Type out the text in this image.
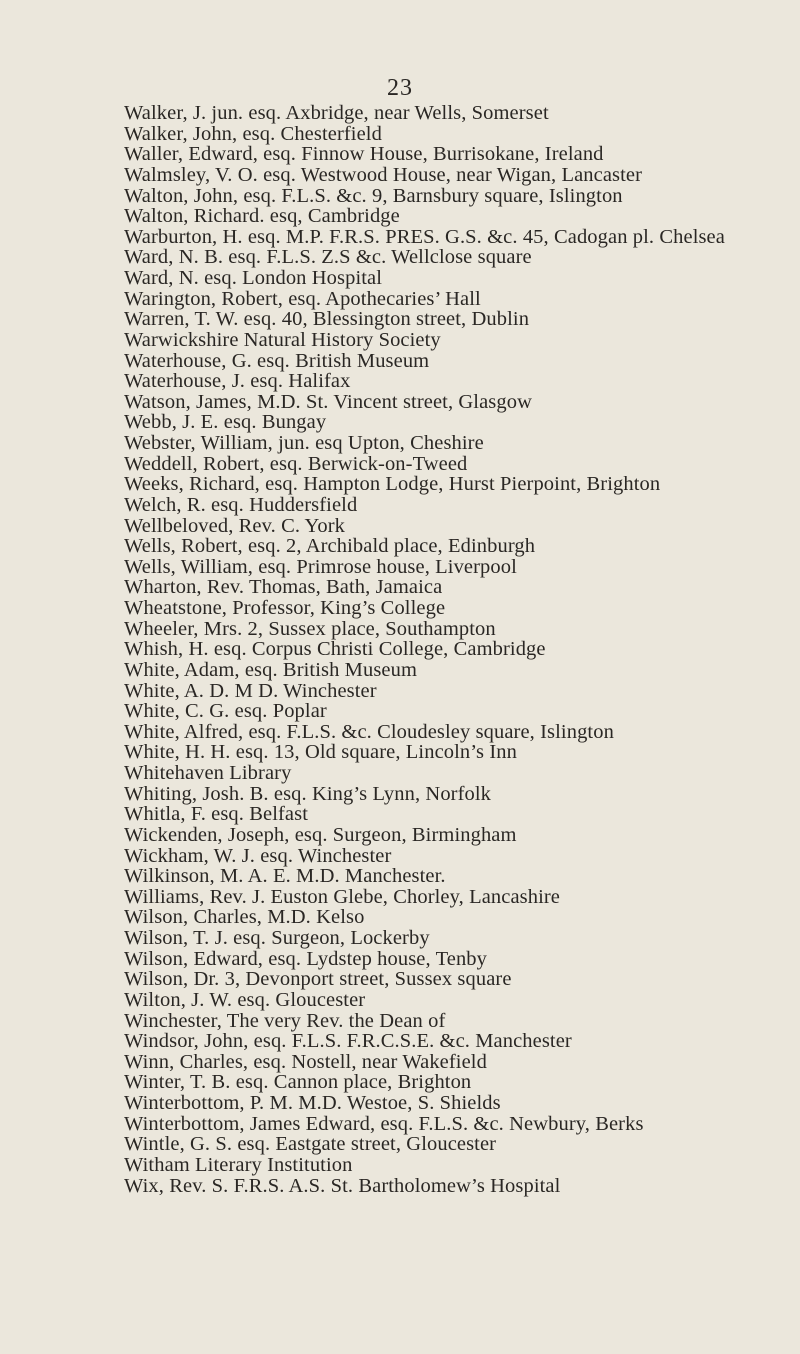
23
Walker, J. jun. esq. Axbridge, near Wells, Somerset
Walker, John, esq. Chesterfield
Waller, Edward, esq. Finnow House, Burrisokane, Ireland
Walmsley, V. O. esq. Westwood House, near Wigan, Lancaster
Walton, John, esq. F.L.S. &c. 9, Barnsbury square, Islington
Walton, Richard. esq, Cambridge
Warburton, H. esq. M.P. F.R.S. PRES. G.S. &c. 45, Cadogan pl. Chelsea
Ward, N. B. esq. F.L.S. Z.S &c. Wellclose square
Ward, N. esq. London Hospital
Warington, Robert, esq. Apothecaries’ Hall
Warren, T. W. esq. 40, Blessington street, Dublin
Warwickshire Natural History Society
Waterhouse, G. esq. British Museum
Waterhouse, J. esq. Halifax
Watson, James, M.D. St. Vincent street, Glasgow
Webb, J. E. esq. Bungay
Webster, William, jun. esq Upton, Cheshire
Weddell, Robert, esq. Berwick-on-Tweed
Weeks, Richard, esq. Hampton Lodge, Hurst Pierpoint, Brighton
Welch, R. esq. Huddersfield
Wellbeloved, Rev. C. York
Wells, Robert, esq. 2, Archibald place, Edinburgh
Wells, William, esq. Primrose house, Liverpool
Wharton, Rev. Thomas, Bath, Jamaica
Wheatstone, Professor, King’s College
Wheeler, Mrs. 2, Sussex place, Southampton
Whish, H. esq. Corpus Christi College, Cambridge
White, Adam, esq. British Museum
White, A. D. M D. Winchester
White, C. G. esq. Poplar
White, Alfred, esq. F.L.S. &c. Cloudesley square, Islington
White, H. H. esq. 13, Old square, Lincoln’s Inn
Whitehaven Library
Whiting, Josh. B. esq. King’s Lynn, Norfolk
Whitla, F. esq. Belfast
Wickenden, Joseph, esq. Surgeon, Birmingham
Wickham, W. J. esq. Winchester
Wilkinson, M. A. E. M.D. Manchester.
Williams, Rev. J. Euston Glebe, Chorley, Lancashire
Wilson, Charles, M.D. Kelso
Wilson, T. J. esq. Surgeon, Lockerby
Wilson, Edward, esq. Lydstep house, Tenby
Wilson, Dr. 3, Devonport street, Sussex square
Wilton, J. W. esq. Gloucester
Winchester, The very Rev. the Dean of
Windsor, John, esq. F.L.S. F.R.C.S.E. &c. Manchester
Winn, Charles, esq. Nostell, near Wakefield
Winter, T. B. esq. Cannon place, Brighton
Winterbottom, P. M. M.D. Westoe, S. Shields
Winterbottom, James Edward, esq. F.L.S. &c. Newbury, Berks
Wintle, G. S. esq. Eastgate street, Gloucester
Witham Literary Institution
Wix, Rev. S. F.R.S. A.S. St. Bartholomew’s Hospital
